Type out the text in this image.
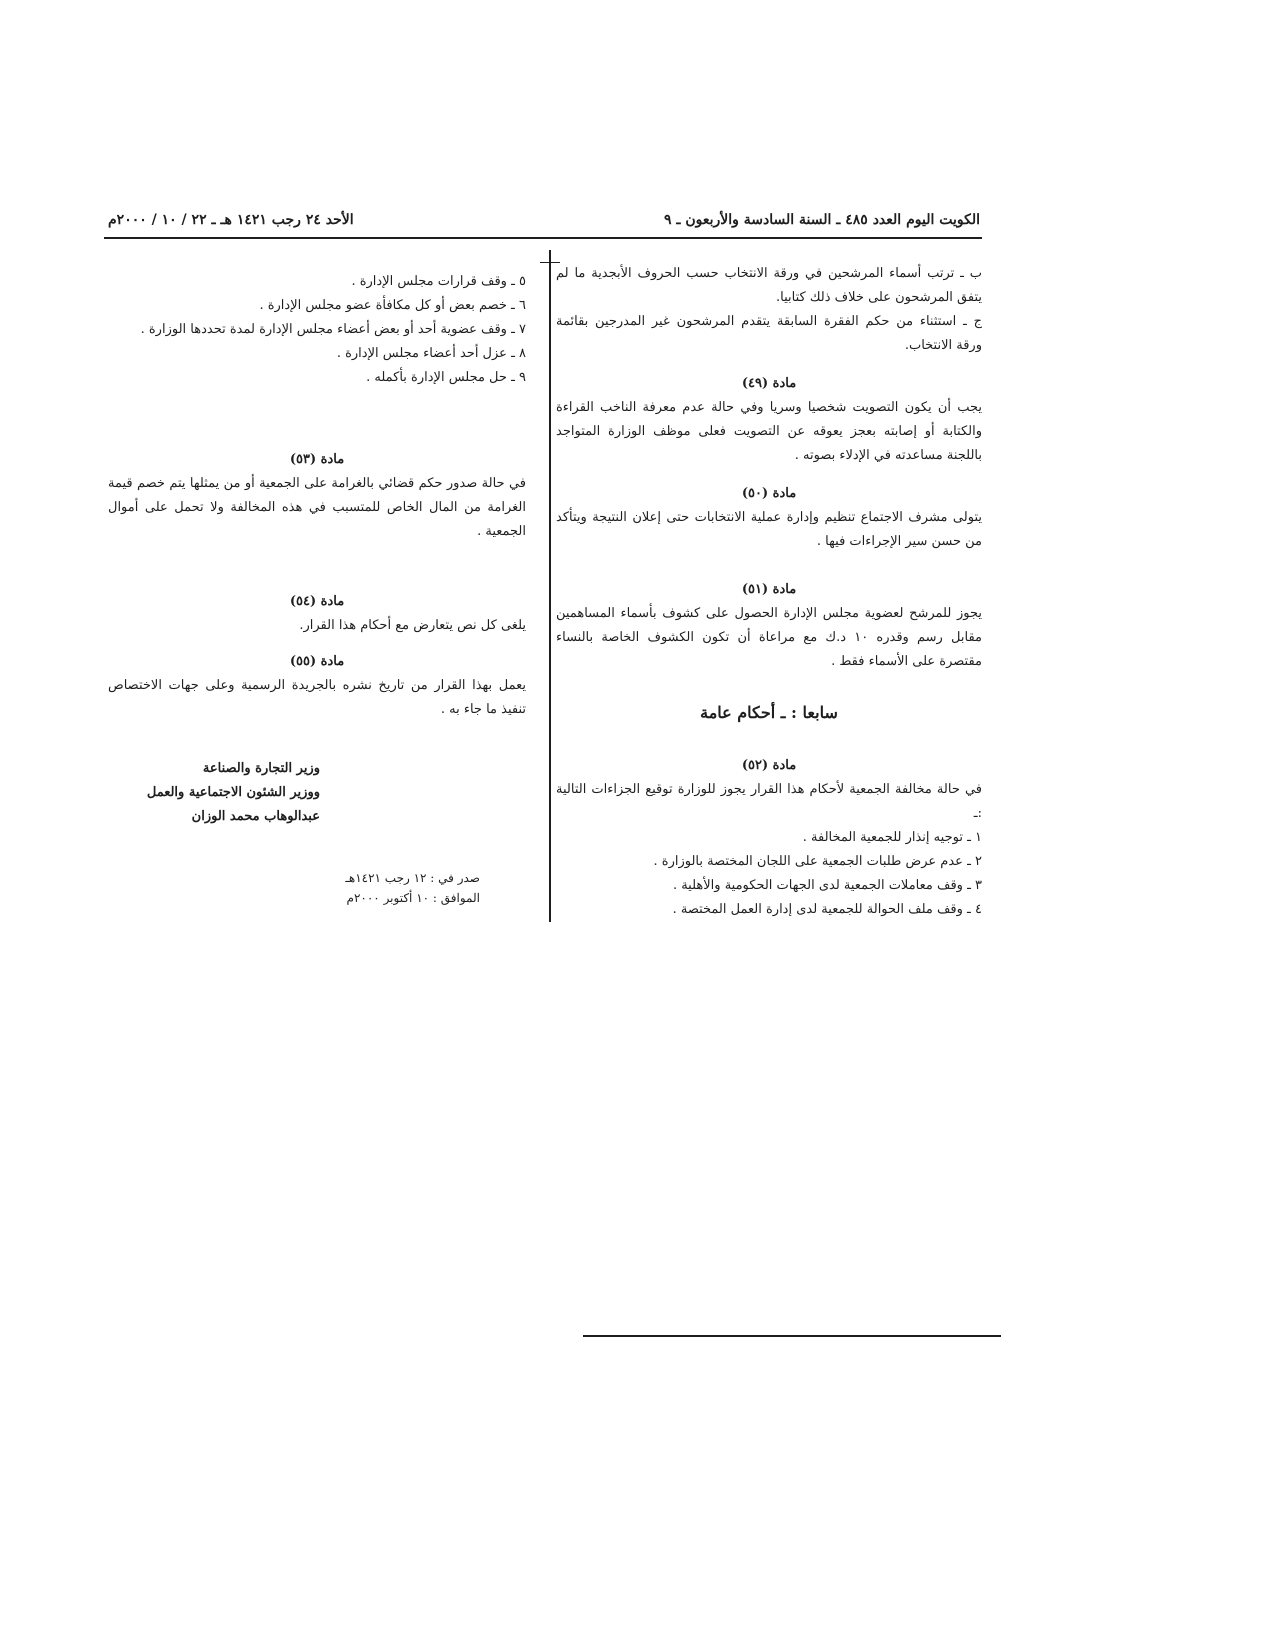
الكويت اليوم العدد ٤٨٥ ـ السنة السادسة والأربعون ـ ٩
الأحد ٢٤ رجب ١٤٢١ هـ ـ ٢٢ / ١٠ / ٢٠٠٠م

ب ـ ترتب أسماء المرشحين في ورقة الانتخاب حسب الحروف الأبجدية ما لم يتفق المرشحون على خلاف ذلك كتابيا.

ج ـ استثناء من حكم الفقرة السابقة يتقدم المرشحون غير المدرجين بقائمة ورقة الانتخاب.

مادة (٤٩)

يجب أن يكون التصويت شخصيا وسريا وفي حالة عدم معرفة الناخب القراءة والكتابة أو إصابته بعجز يعوقه عن التصويت فعلى موظف الوزارة المتواجد باللجنة مساعدته في الإدلاء بصوته .

مادة (٥٠)

يتولى مشرف الاجتماع تنظيم وإدارة عملية الانتخابات حتى إعلان النتيجة ويتأكد من حسن سير الإجراءات فيها .

مادة (٥١)

يجوز للمرشح لعضوية مجلس الإدارة الحصول على كشوف بأسماء المساهمين مقابل رسم وقدره ١٠ د.ك مع مراعاة أن تكون الكشوف الخاصة بالنساء مقتصرة على الأسماء فقط .

سابعا : ـ أحكام عامة
مادة (٥٢)

في حالة مخالفة الجمعية لأحكام هذا القرار يجوز للوزارة توقيع الجزاءات التالية :ـ

١ ـ توجيه إنذار للجمعية المخالفة .

٢ ـ عدم عرض طلبات الجمعية على اللجان المختصة بالوزارة .

٣ ـ وقف معاملات الجمعية لدى الجهات الحكومية والأهلية .

٤ ـ وقف ملف الحوالة للجمعية لدى إدارة العمل المختصة .

٥ ـ وقف قرارات مجلس الإدارة .

٦ ـ خصم بعض أو كل مكافأة عضو مجلس الإدارة .

٧ ـ وقف عضوية أحد أو بعض أعضاء مجلس الإدارة لمدة تحددها الوزارة .

٨ ـ عزل أحد أعضاء مجلس الإدارة .

٩ ـ حل مجلس الإدارة بأكمله .

مادة (٥٣)

في حالة صدور حكم قضائي بالغرامة على الجمعية أو من يمثلها يتم خصم قيمة الغرامة من المال الخاص للمتسبب في هذه المخالفة ولا تحمل على أموال الجمعية .

مادة (٥٤)

يلغى كل نص يتعارض مع أحكام هذا القرار.

مادة (٥٥)

يعمل بهذا القرار من تاريخ نشره بالجريدة الرسمية وعلى جهات الاختصاص تنفيذ ما جاء به .

وزير التجارة والصناعة
ووزير الشئون الاجتماعية والعمل
عبدالوهاب محمد الوزان
صدر في : ١٢ رجب ١٤٢١هـ
الموافق : ١٠ أكتوبر ٢٠٠٠م
